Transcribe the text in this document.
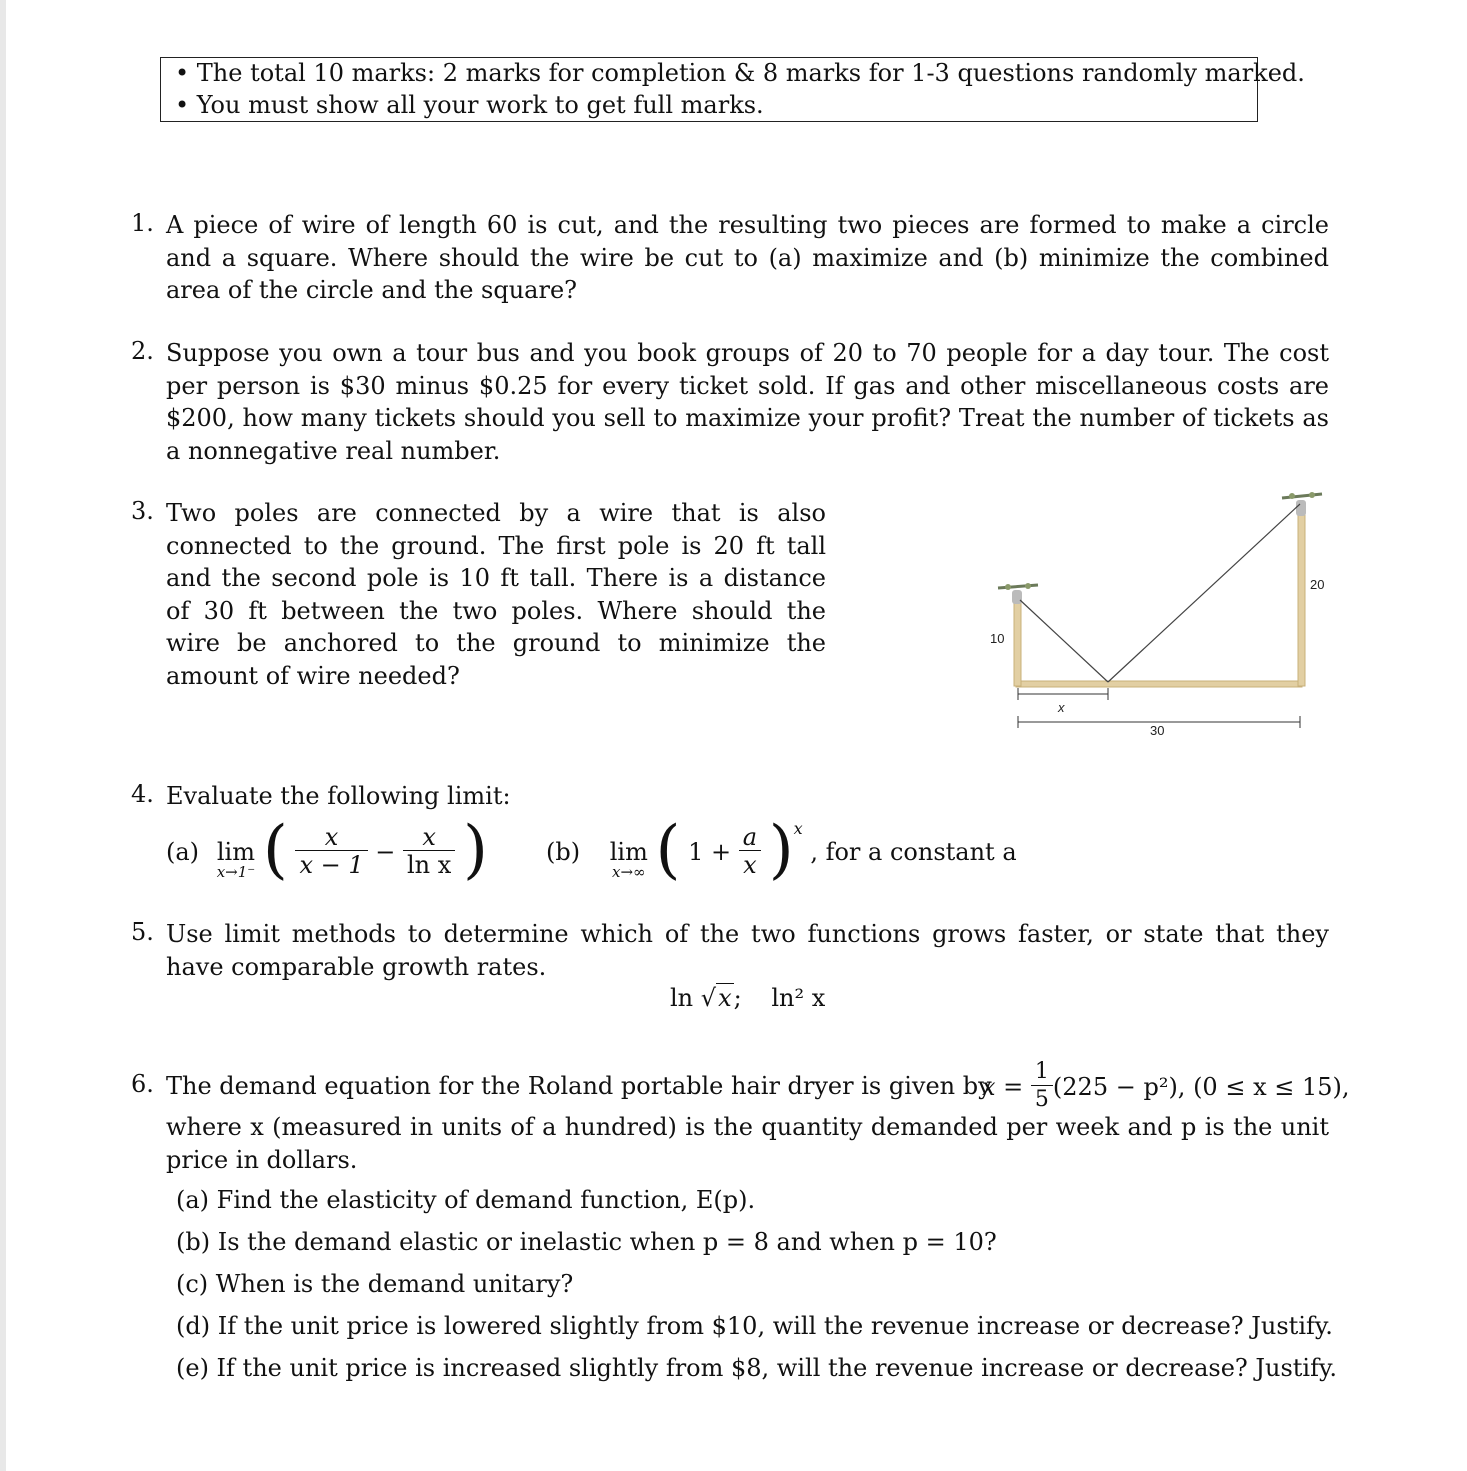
• The total 10 marks: 2 marks for completion & 8 marks for 1-3 questions randomly marked.
• You must show all your work to get full marks.
1. A piece of wire of length 60 is cut, and the resulting two pieces are formed to make a circle and a square. Where should the wire be cut to (a) maximize and (b) minimize the combined area of the circle and the square?
2. Suppose you own a tour bus and you book groups of 20 to 70 people for a day tour. The cost per person is $30 minus $0.25 for every ticket sold. If gas and other miscellaneous costs are $200, how many tickets should you sell to maximize your profit? Treat the number of tickets as a nonnegative real number.
3. Two poles are connected by a wire that is also connected to the ground. The first pole is 20 ft tall and the second pole is 10 ft tall. There is a distance of 30 ft between the two poles. Where should the wire be anchored to the ground to minimize the amount of wire needed?
10
20
x
30
4. Evaluate the following limit:
(a) lim
x→1⁻ ( $\frac{x}{x - 1} - \frac{x}{\text{ln x}}$ ) (b) lim
x→∞ ( $1 + \frac{a}{x} )^x$ , for a constant a
5. Use limit methods to determine which of the two functions grows faster, or state that they have comparable growth rates.
ln √x; ln² x
6. The demand equation for the Roland portable hair dryer is given by
$x = \frac{1}{5} (225 - p^2)$, (0 ≤ x ≤ 15),
where x (measured in units of a hundred) is the quantity demanded per week and p is the unit price in dollars.
(a) Find the elasticity of demand function, E(p).
(b) Is the demand elastic or inelastic when p = 8 and when p = 10?
(c) When is the demand unitary?
(d) If the unit price is lowered slightly from $10, will the revenue increase or decrease? Justify.
(e) If the unit price is increased slightly from $8, will the revenue increase or decrease? Justify.
